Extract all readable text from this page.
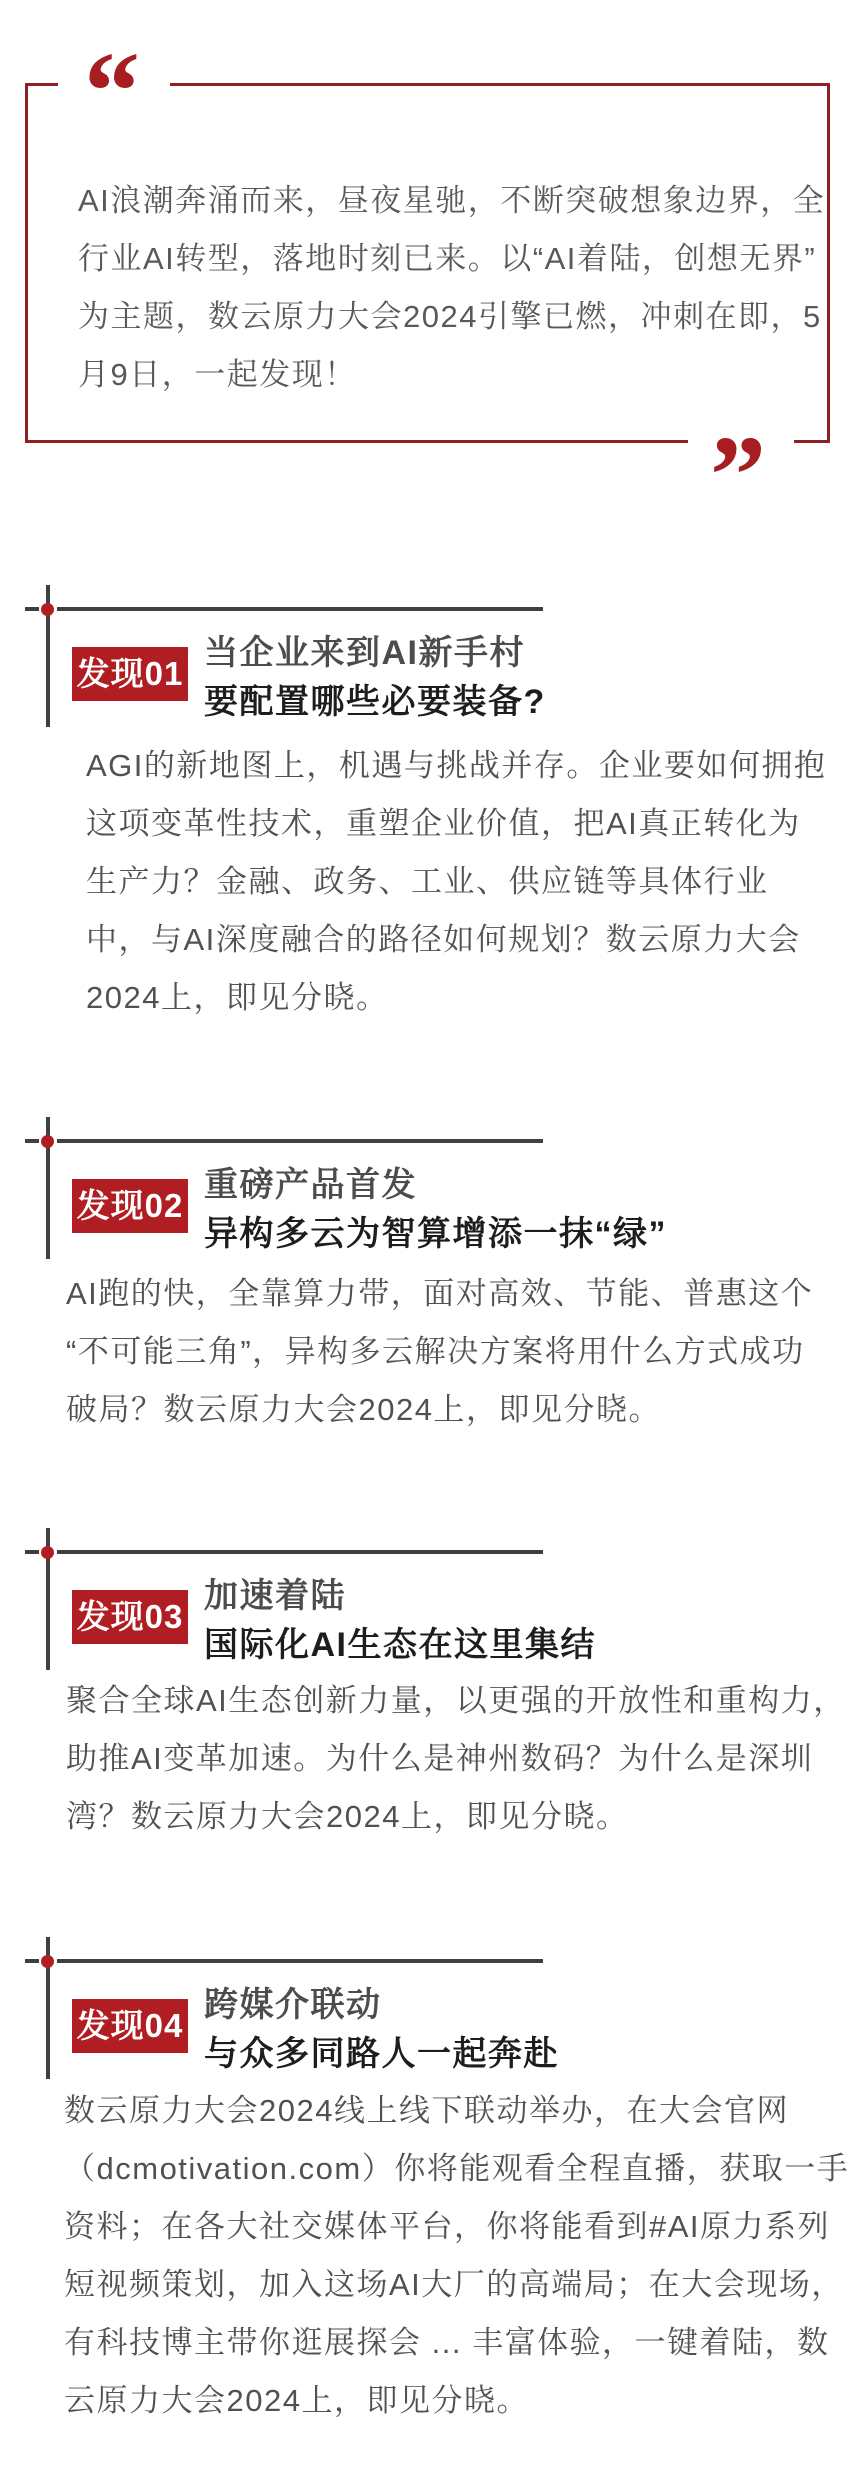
AI浪潮奔涌而来，昼夜星驰，不断突破想象边界，全
行业AI转型，落地时刻已来。以“AI着陆，创想无界”
为主题，数云原力大会2024引擎已燃，冲刺在即，5
月9日，一起发现！
“
”
发现01
当企业来到AI新手村
要配置哪些必要装备?
AGI的新地图上，机遇与挑战并存。企业要如何拥抱
这项变革性技术，重塑企业价值，把AI真正转化为
生产力？金融、政务、工业、供应链等具体行业
中，与AI深度融合的路径如何规划？数云原力大会
2024上，即见分晓。
发现02
重磅产品首发
异构多云为智算增添一抹“绿”
AI跑的快，全靠算力带，面对高效、节能、普惠这个
“不可能三角”，异构多云解决方案将用什么方式成功
破局？数云原力大会2024上，即见分晓。
发现03
加速着陆
国际化AI生态在这里集结
聚合全球AI生态创新力量，以更强的开放性和重构力，
助推AI变革加速。为什么是神州数码？为什么是深圳
湾？数云原力大会2024上，即见分晓。
发现04
跨媒介联动
与众多同路人一起奔赴
数云原力大会2024线上线下联动举办，在大会官网
（dcmotivation.com）你将能观看全程直播，获取一手
资料；在各大社交媒体平台，你将能看到#AI原力系列
短视频策划，加入这场AI大厂的高端局；在大会现场，
有科技博主带你逛展探会 ... 丰富体验，一键着陆，数
云原力大会2024上，即见分晓。
